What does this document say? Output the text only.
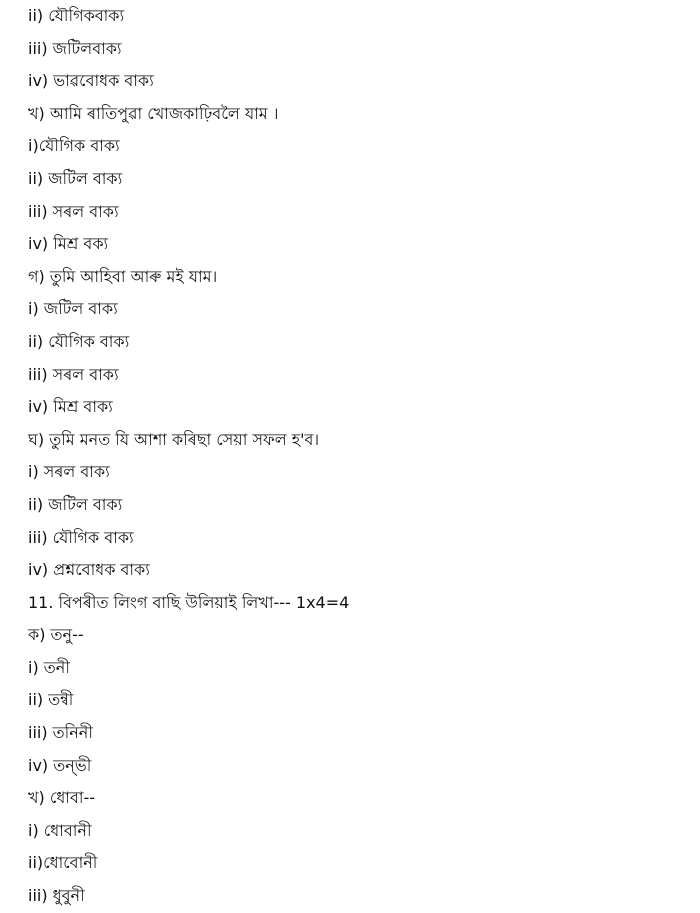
ii) যৌগিকবাক্য
iii) জটিলবাক্য
iv) ভাৱবোধক বাক্য
খ) আমি ৰাতিপুৱা খোজকাঢ়িবলৈ যাম ।
i)যৌগিক বাক্য
ii) জটিল বাক্য
iii) সৰল বাক্য
iv) মিশ্ৰ বক্য
গ) তুমি আহিবা আৰু মই যাম।
i) জটিল বাক্য
ii) যৌগিক বাক্য
iii) সৰল বাক্য
iv) মিশ্ৰ বাক্য
ঘ) তুমি মনত যি আশা কৰিছা সেয়া সফল হ'ব।
i) সৰল বাক্য
ii) জটিল বাক্য
iii) যৌগিক বাক্য
iv) প্ৰশ্নবোধক বাক্য
11. বিপৰীত লিংগ বাছি উলিয়াই লিখা--- 1x4=4
ক) তনু--
i) তনী
ii) তন্বী
iii) তনিনী
iv) তন্‌ভী
খ) ধোবা--
i) ধোবানী
ii)ধোবোনী
iii) ধুবুনী
